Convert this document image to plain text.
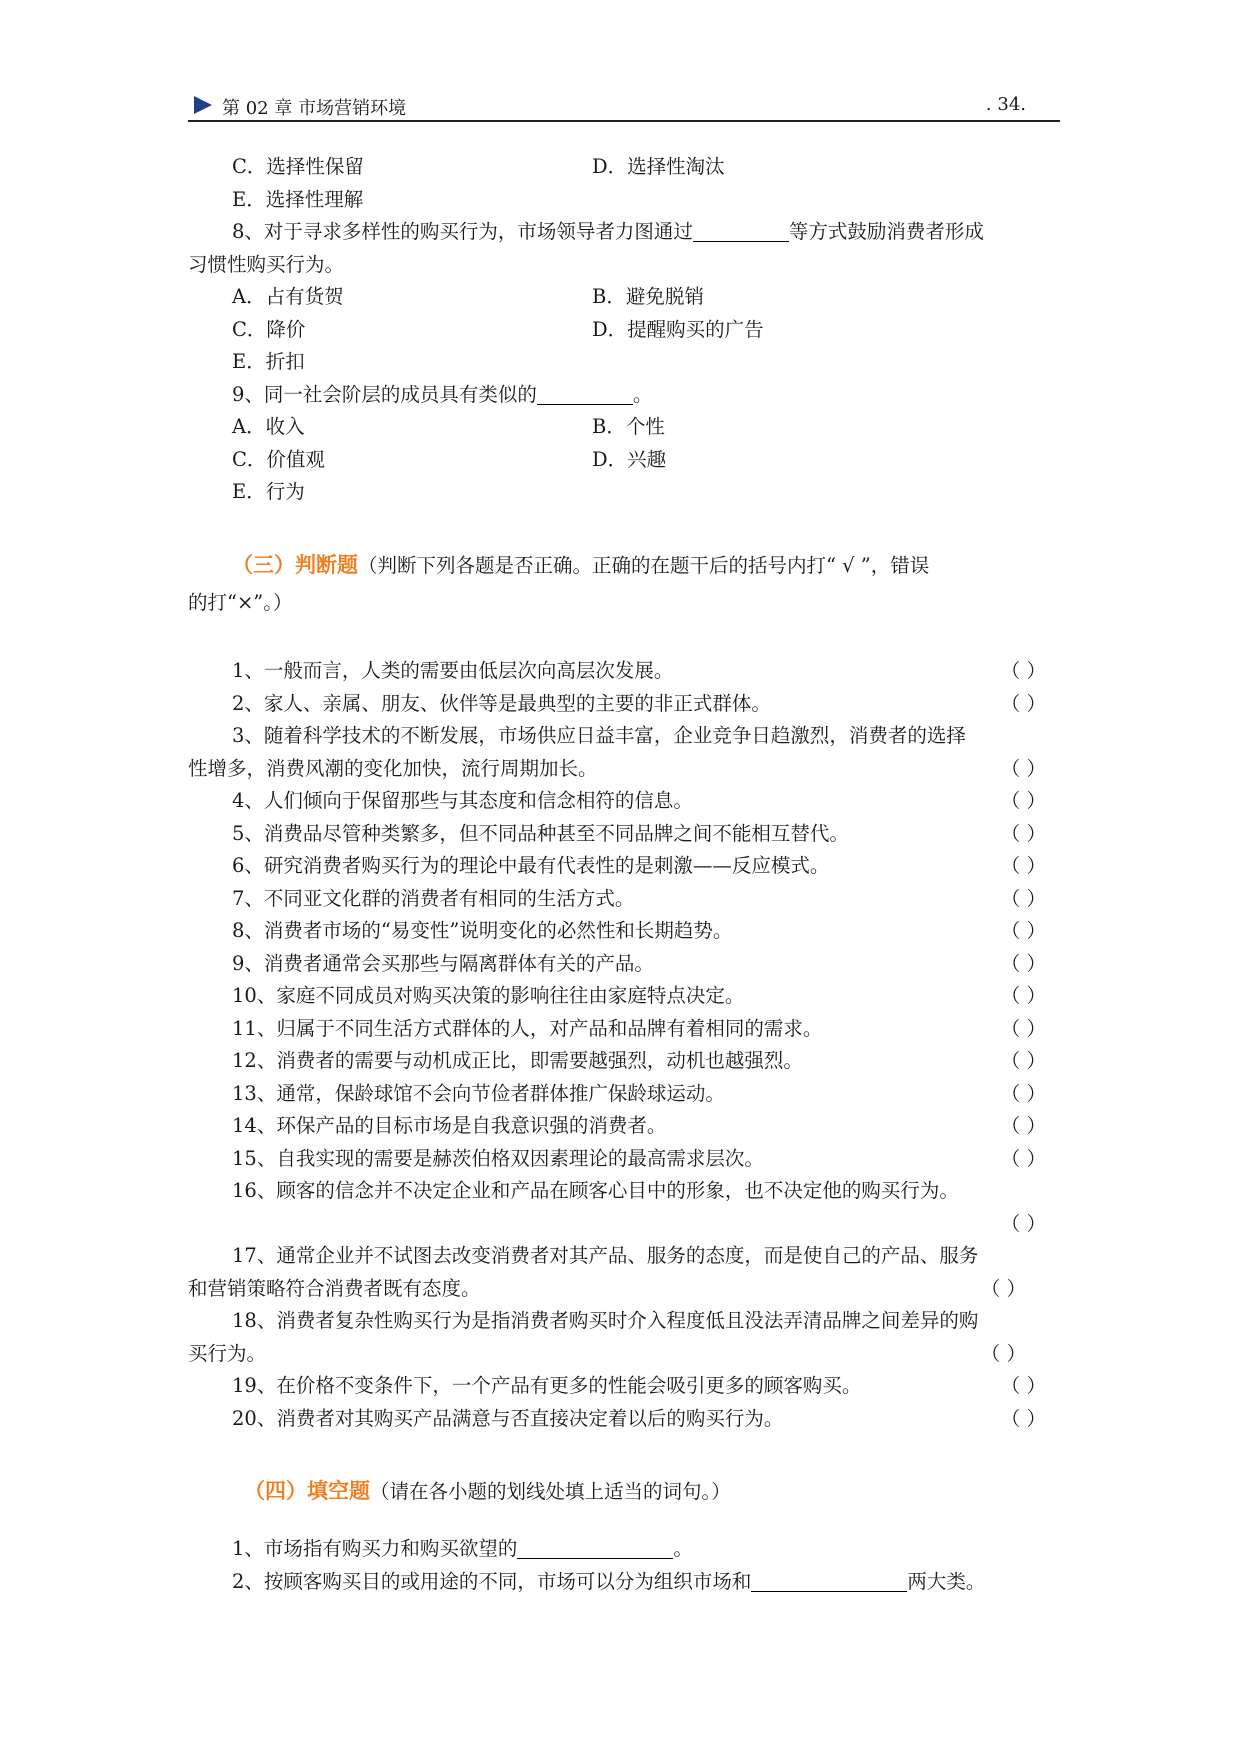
第 02 章 市场营销环境	. 34.
C．选择性保留	D．选择性淘汰
E．选择性理解
8、对于寻求多样性的购买行为，市场领导者力图通过	等方式鼓励消费者形成
习惯性购买行为。
A．占有货贺	B．避免脱销
C．降价	D．提醒购买的广告
E．折扣
9、同一社会阶层的成员具有类似的	。
A．收入	B．个性
C．价值观	D．兴趣
E．行为
（三）判断题（判断下列各题是否正确。正确的在题干后的括号内打“ √ ”，错误
的打“×”。）
1、一般而言，人类的需要由低层次向高层次发展。	（ ）
2、家人、亲属、朋友、伙伴等是最典型的主要的非正式群体。	（ ）
3、随着科学技术的不断发展，市场供应日益丰富，企业竞争日趋激烈，消费者的选择
性增多，消费风潮的变化加快，流行周期加长。	（ ）
4、人们倾向于保留那些与其态度和信念相符的信息。	（ ）
5、消费品尽管种类繁多，但不同品种甚至不同品牌之间不能相互替代。	（ ）
6、研究消费者购买行为的理论中最有代表性的是刺激——反应模式。	（ ）
7、不同亚文化群的消费者有相同的生活方式。	（ ）
8、消费者市场的“易变性”说明变化的必然性和长期趋势。	（ ）
9、消费者通常会买那些与隔离群体有关的产品。	（ ）
10、家庭不同成员对购买决策的影响往往由家庭特点决定。	（ ）
11、归属于不同生活方式群体的人，对产品和品牌有着相同的需求。	（ ）
12、消费者的需要与动机成正比，即需要越强烈，动机也越强烈。	（ ）
13、通常，保龄球馆不会向节俭者群体推广保龄球运动。	（ ）
14、环保产品的目标市场是自我意识强的消费者。	（ ）
15、自我实现的需要是赫茨伯格双因素理论的最高需求层次。	（ ）
16、顾客的信念并不决定企业和产品在顾客心目中的形象，也不决定他的购买行为。
（ ）
17、通常企业并不试图去改变消费者对其产品、服务的态度，而是使自己的产品、服务
和营销策略符合消费者既有态度。	（ ）
18、消费者复杂性购买行为是指消费者购买时介入程度低且没法弄清品牌之间差异的购
买行为。	（ ）
19、在价格不变条件下，一个产品有更多的性能会吸引更多的顾客购买。	（ ）
20、消费者对其购买产品满意与否直接决定着以后的购买行为。	（ ）
（四）填空题（请在各小题的划线处填上适当的词句。）
1、市场指有购买力和购买欲望的	。
2、按顾客购买目的或用途的不同，市场可以分为组织市场和	两大类。
